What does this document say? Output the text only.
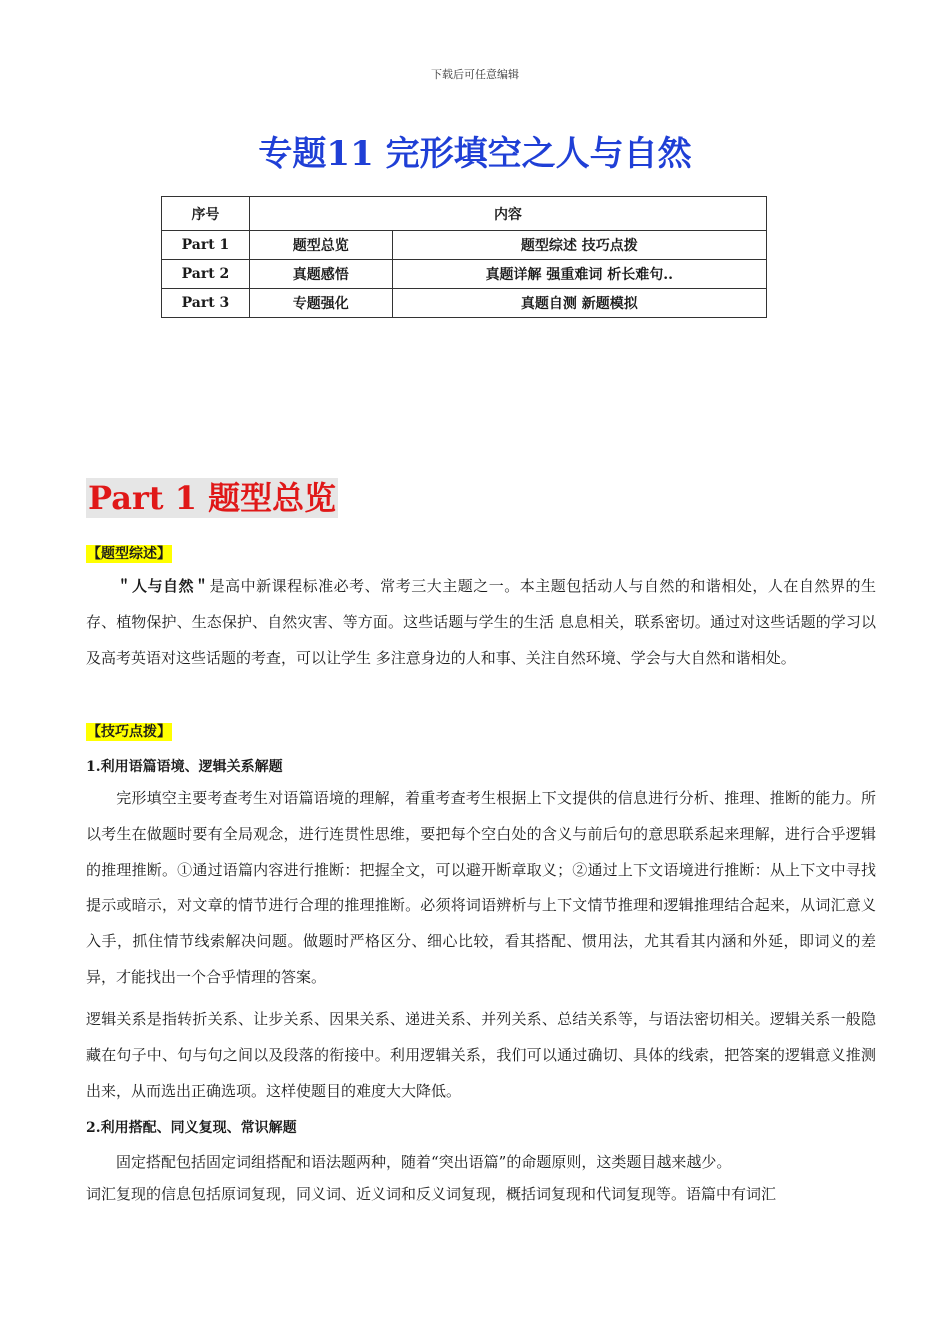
下载后可任意编辑
专题11 完形填空之人与自然
序号	内容	
Part 1	题型总览	题型综述 技巧点拨
Part 2	真题感悟	真题详解 强重难词 析长难句..
Part 3	专题强化	真题自测 新题模拟
Part 1 题型总览
【题型综述】
＂人与自然＂是高中新课程标准必考、常考三大主题之一。本主题包括动人与自然的和谐相处，人在自然界的生存、植物保护、生态保护、自然灾害、等方面。这些话题与学生的生活 息息相关，联系密切。通过对这些话题的学习以及高考英语对这些话题的考查，可以让学生 多注意身边的人和事、关注自然环境、学会与大自然和谐相处。
【技巧点拨】
1.利用语篇语境、逻辑关系解题
完形填空主要考查考生对语篇语境的理解，着重考查考生根据上下文提供的信息进行分析、推理、推断的能力。所以考生在做题时要有全局观念，进行连贯性思维，要把每个空白处的含义与前后句的意思联系起来理解，进行合乎逻辑的推理推断。①通过语篇内容进行推断：把握全文，可以避开断章取义；②通过上下文语境进行推断：从上下文中寻找提示或暗示，对文章的情节进行合理的推理推断。必须将词语辨析与上下文情节推理和逻辑推理结合起来，从词汇意义入手，抓住情节线索解决问题。做题时严格区分、细心比较，看其搭配、惯用法，尤其看其内涵和外延，即词义的差异，才能找出一个合乎情理的答案。
逻辑关系是指转折关系、让步关系、因果关系、递进关系、并列关系、总结关系等，与语法密切相关。逻辑关系一般隐藏在句子中、句与句之间以及段落的衔接中。利用逻辑关系，我们可以通过确切、具体的线索，把答案的逻辑意义推测出来，从而选出正确选项。这样使题目的难度大大降低。
2.利用搭配、同义复现、常识解题
固定搭配包括固定词组搭配和语法题两种，随着“突出语篇”的命题原则，这类题目越来越少。
词汇复现的信息包括原词复现，同义词、近义词和反义词复现，概括词复现和代词复现等。语篇中有词汇
